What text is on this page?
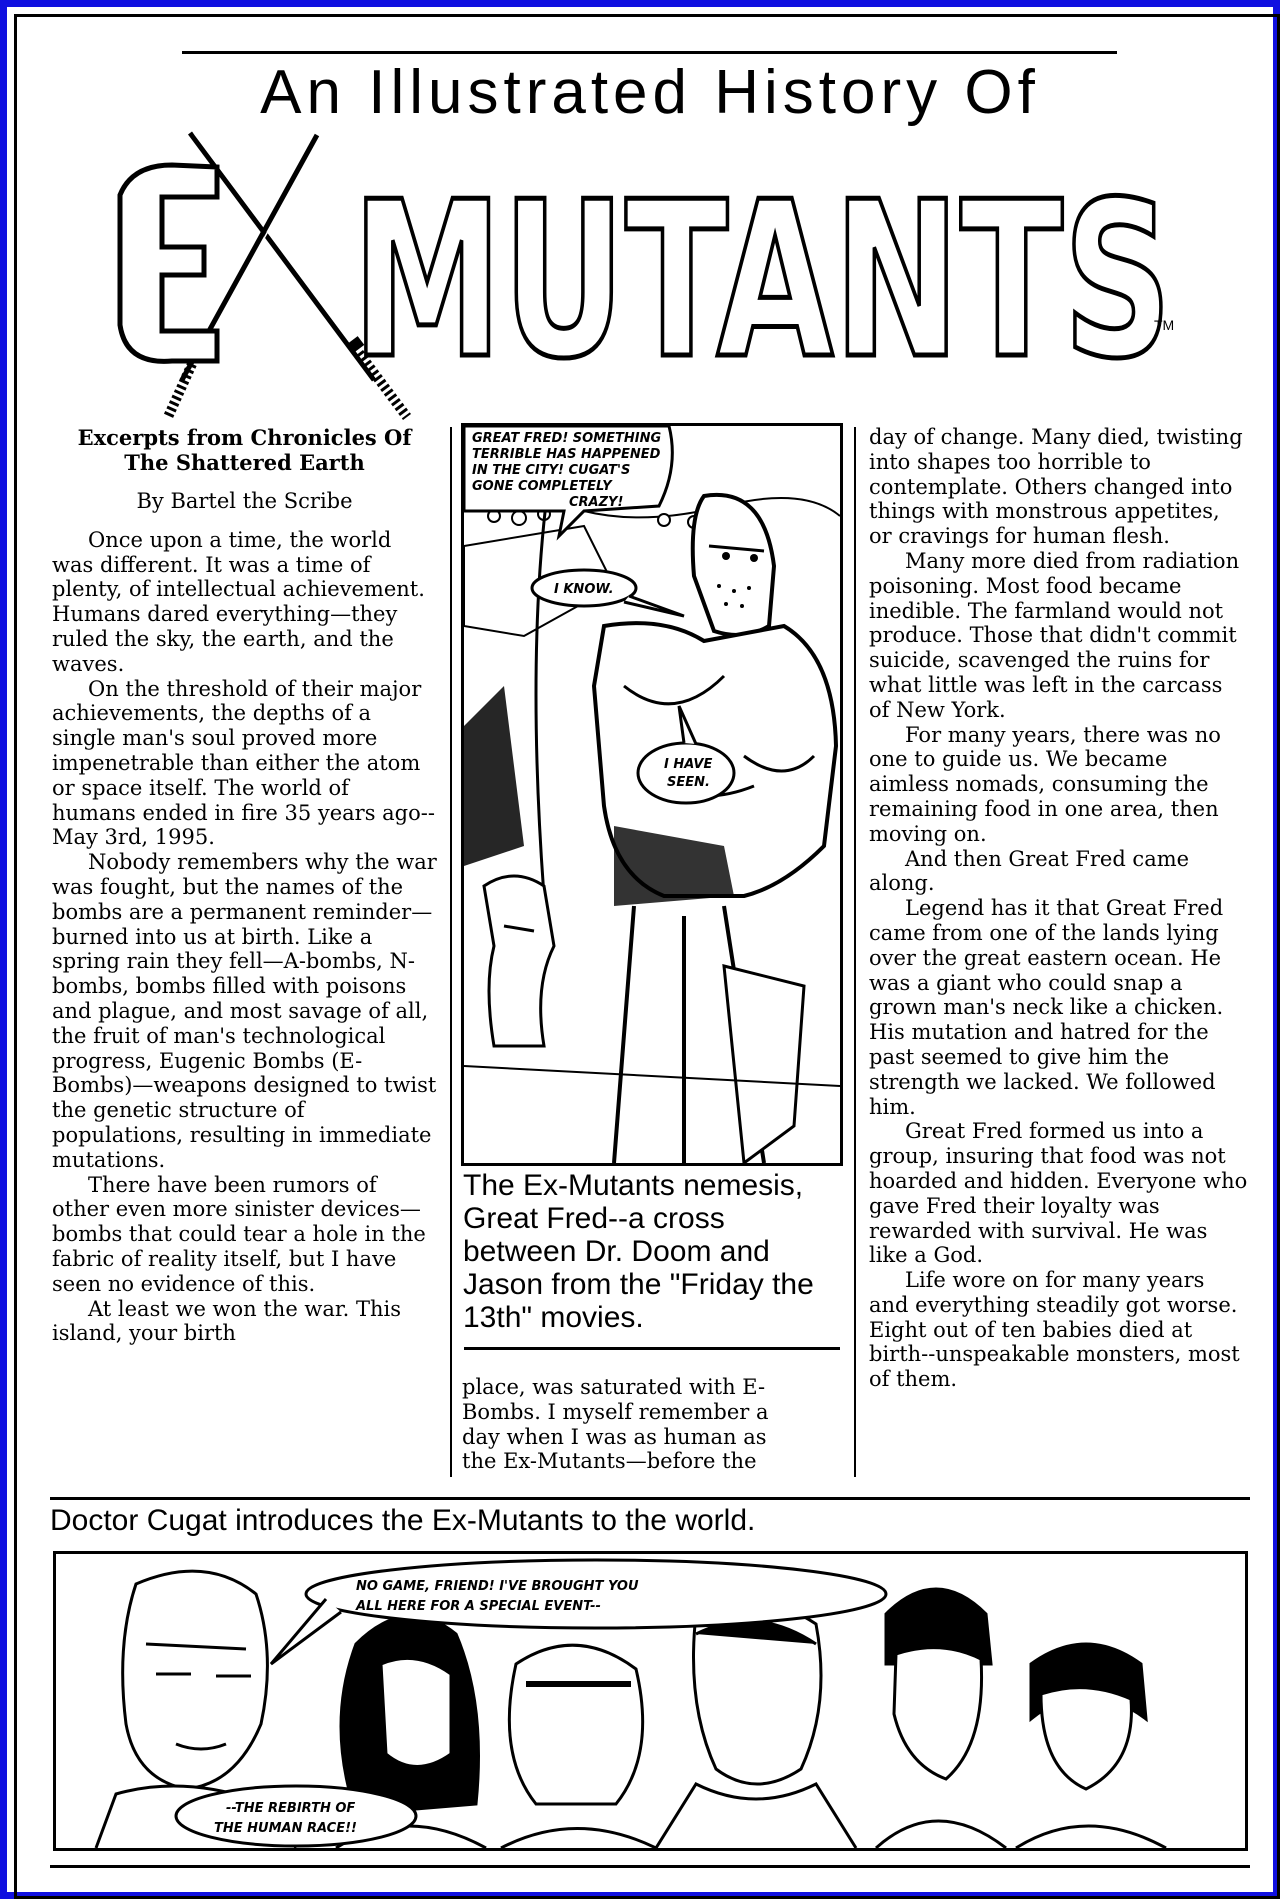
An Illustrated History Of
MUTANTS
TM
Excerpts from Chronicles Of
The Shattered Earth

By Bartel the Scribe

Once upon a time, the world was different. It was a time of plenty, of intellectual achievement. Humans dared everything—they ruled the sky, the earth, and the waves.

On the threshold of their major achievements, the depths of a single man's soul proved more impenetrable than either the atom or space itself. The world of humans ended in fire 35 years ago--May 3rd, 1995.

Nobody remembers why the war was fought, but the names of the bombs are a permanent reminder—burned into us at birth. Like a spring rain they fell—A-bombs, N-bombs, bombs filled with poisons and plague, and most savage of all, the fruit of man's technological progress, Eugenic Bombs (E-Bombs)—weapons designed to twist the genetic structure of populations, resulting in immediate mutations.

There have been rumors of other even more sinister devices—bombs that could tear a hole in the fabric of reality itself, but I have seen no evidence of this.

At least we won the war. This island, your birth

GREAT FRED! SOMETHING
TERRIBLE HAS HAPPENED
IN THE CITY! CUGAT'S
GONE COMPLETELY
CRAZY!
I KNOW.
I HAVE
SEEN.
The Ex-Mutants nemesis, Great Fred--a cross between Dr. Doom and Jason from the "Friday the 13th" movies.

place, was saturated with E-Bombs. I myself remember a day when I was as human as the Ex-Mutants—before the

day of change. Many died, twisting into shapes too horrible to contemplate. Others changed into things with monstrous appetites, or cravings for human flesh.

Many more died from radiation poisoning. Most food became inedible. The farmland would not produce. Those that didn't commit suicide, scavenged the ruins for what little was left in the carcass of New York.

For many years, there was no one to guide us. We became aimless nomads, consuming the remaining food in one area, then moving on.

And then Great Fred came along.

Legend has it that Great Fred came from one of the lands lying over the great eastern ocean. He was a giant who could snap a grown man's neck like a chicken. His mutation and hatred for the past seemed to give him the strength we lacked. We followed him.

Great Fred formed us into a group, insuring that food was not hoarded and hidden. Everyone who gave Fred their loyalty was rewarded with survival. He was like a God.

Life wore on for many years and everything steadily got worse. Eight out of ten babies died at birth--unspeakable monsters, most of them.

Doctor Cugat introduces the Ex-Mutants to the world.
NO GAME, FRIEND! I'VE BROUGHT YOU
ALL HERE FOR A SPECIAL EVENT--
--THE REBIRTH OF
THE HUMAN RACE!!
